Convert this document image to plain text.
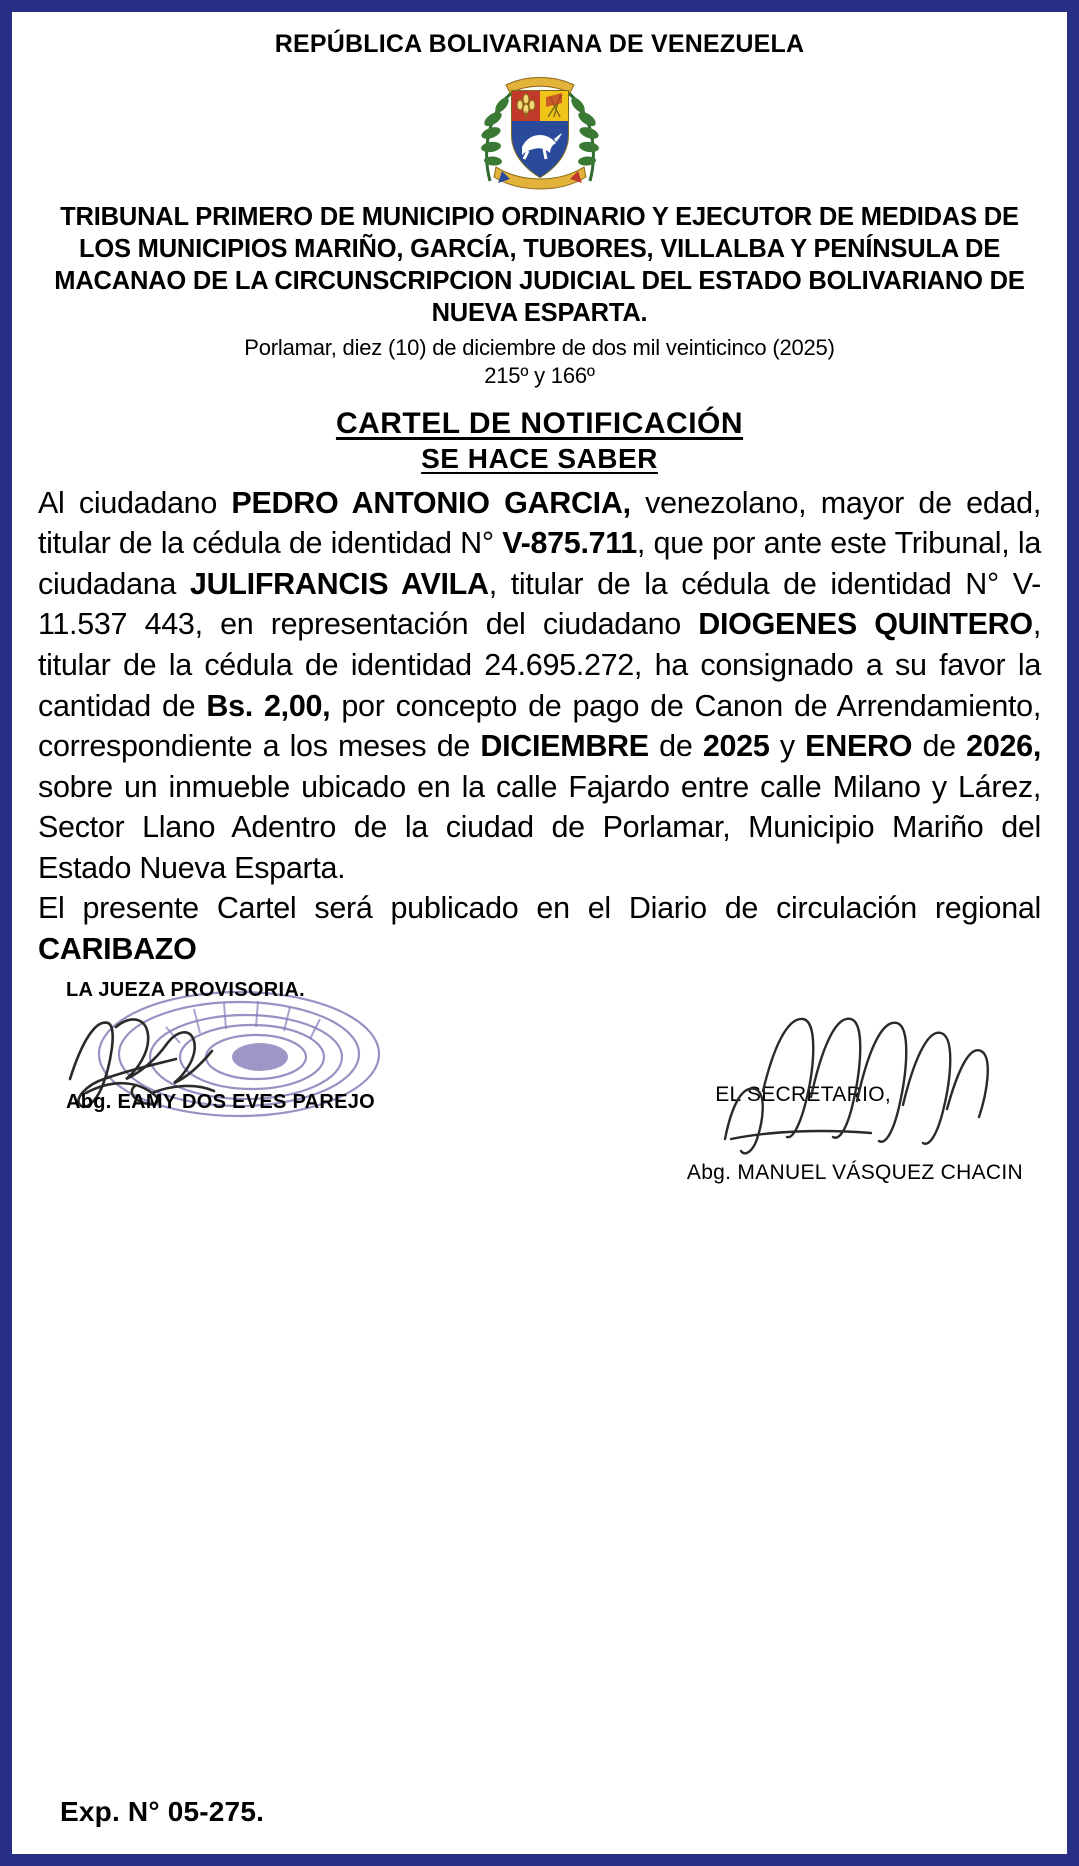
REPÚBLICA BOLIVARIANA DE VENEZUELA
TRIBUNAL PRIMERO DE MUNICIPIO ORDINARIO Y EJECUTOR DE MEDIDAS DE LOS MUNICIPIOS MARIÑO, GARCÍA, TUBORES, VILLALBA Y PENÍNSULA DE MACANAO DE LA CIRCUNSCRIPCION JUDICIAL DEL ESTADO BOLIVARIANO DE NUEVA ESPARTA.
Porlamar, diez (10) de diciembre de dos mil veinticinco (2025)
215º y 166º
CARTEL DE NOTIFICACIÓN
SE HACE SABER
Al ciudadano PEDRO ANTONIO GARCIA, venezolano, mayor de edad, titular de la cédula de identidad N° V-875.711, que por ante este Tribunal, la ciudadana JULIFRANCIS AVILA, titular de la cédula de identidad N° V-11.537 443, en representación del ciudadano DIOGENES QUINTERO, titular de la cédula de identidad 24.695.272, ha consignado a su favor la cantidad de Bs. 2,00, por concepto de pago de Canon de Arrendamiento, correspondiente a los meses de DICIEMBRE de 2025 y ENERO de 2026, sobre un inmueble ubicado en la calle Fajardo entre calle Milano y Lárez, Sector Llano Adentro de la ciudad de Porlamar, Municipio Mariño del Estado Nueva Esparta.
El presente Cartel será publicado en el Diario de circulación regional CARIBAZO
LA JUEZA PROVISORIA.
Abg. EAMY DOS EVES PAREJO	EL SECRETARIO,
Abg. MANUEL VÁSQUEZ CHACIN
Exp. N° 05-275.
